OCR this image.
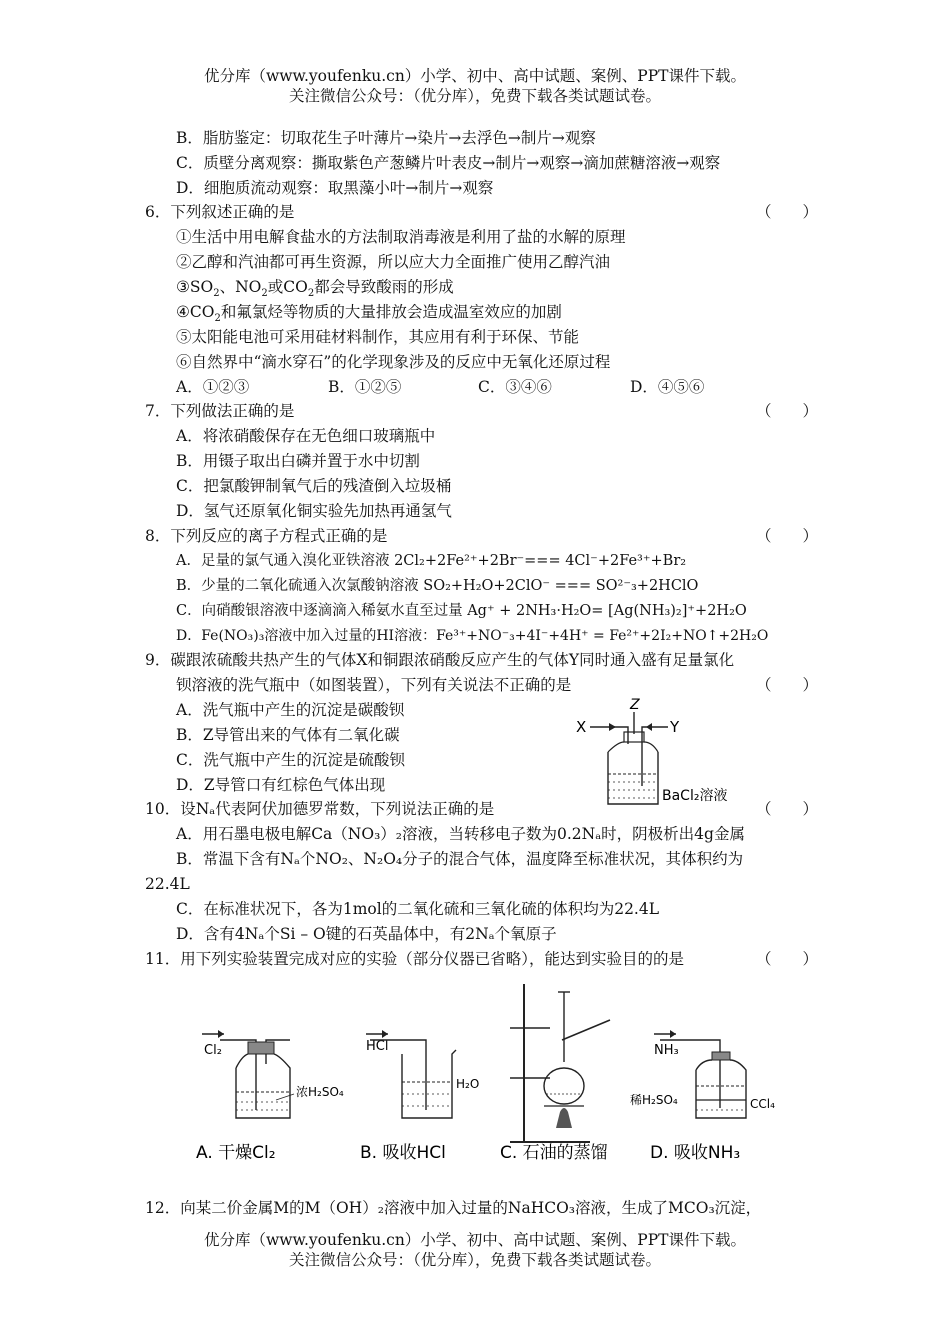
优分库（www.youfenku.cn）小学、初中、高中试题、案例、PPT课件下载。
关注微信公众号：（优分库），免费下载各类试题试卷。
B．脂肪鉴定：切取花生子叶薄片→染片→去浮色→制片→观察
C．质壁分离观察：撕取紫色产葱鳞片叶表皮→制片→观察→滴加蔗糖溶液→观察
D．细胞质流动观察：取黑藻小叶→制片→观察
6．下列叙述正确的是	（　　）
①生活中用电解食盐水的方法制取消毒液是利用了盐的水解的原理
②乙醇和汽油都可再生资源，所以应大力全面推广使用乙醇汽油
$③SO_2$、$NO_2$或$CO_2$都会导致酸雨的形成
$④CO_2$和氟氯烃等物质的大量排放会造成温室效应的加剧
⑤太阳能电池可采用硅材料制作，其应用有利于环保、节能
⑥自然界中“滴水穿石”的化学现象涉及的反应中无氧化还原过程
A．①②③	B．①②⑤	C．③④⑥	D．④⑤⑥
7．下列做法正确的是	（　　）
A．将浓硝酸保存在无色细口玻璃瓶中
B．用镊子取出白磷并置于水中切割
C．把氯酸钾制氧气后的残渣倒入垃圾桶
D．氢气还原氧化铜实验先加热再通氢气
8．下列反应的离子方程式正确的是	（　　）
A．足量的氯气通入溴化亚铁溶液 2Cl₂+2Fe²⁺+2Br⁻=== 4Cl⁻+2Fe³⁺+Br₂
B．少量的二氧化硫通入次氯酸钠溶液 SO₂+H₂O+2ClO⁻ === SO²⁻₃+2HClO
C．向硝酸银溶液中逐滴滴入稀氨水直至过量 Ag⁺ + 2NH₃·H₂O= [Ag(NH₃)₂]⁺+2H₂O
D．Fe(NO₃)₃溶液中加入过量的HI溶液：Fe³⁺+NO⁻₃+4I⁻+4H⁺ = Fe²⁺+2I₂+NO↑+2H₂O
9．碳跟浓硫酸共热产生的气体X和铜跟浓硝酸反应产生的气体Y同时通入盛有足量氯化
钡溶液的洗气瓶中（如图装置），下列有关说法不正确的是	（　　）
A．洗气瓶中产生的沉淀是碳酸钡
B．Z导管出来的气体有二氧化碳
C．洗气瓶中产生的沉淀是硫酸钡
D．Z导管口有红棕色气体出现
X
Z
Y
BaCl₂溶液
10．设Nₐ代表阿伏加德罗常数，下列说法正确的是	（　　）
A．用石墨电极电解Ca（NO₃）₂溶液，当转移电子数为0.2Nₐ时，阴极析出4g金属
B．常温下含有Nₐ个NO₂、N₂O₄分子的混合气体，温度降至标准状况，其体积约为
22.4L
C．在标准状况下，各为1mol的二氧化硫和三氧化硫的体积均为22.4L
D．含有4Nₐ个Si – O键的石英晶体中，有2Nₐ个氧原子
11．用下列实验装置完成对应的实验（部分仪器已省略），能达到实验目的的是	（　　）
Cl₂
浓H₂SO₄
A. 干燥Cl₂
HCl
H₂O
B. 吸收HCl	C. 石油的蒸馏
NH₃
稀H₂SO₄	CCl₄
D. 吸收NH₃
12．向某二价金属M的M（OH）₂溶液中加入过量的NaHCO₃溶液，生成了MCO₃沉淀，
优分库（www.youfenku.cn）小学、初中、高中试题、案例、PPT课件下载。
关注微信公众号：（优分库），免费下载各类试题试卷。
